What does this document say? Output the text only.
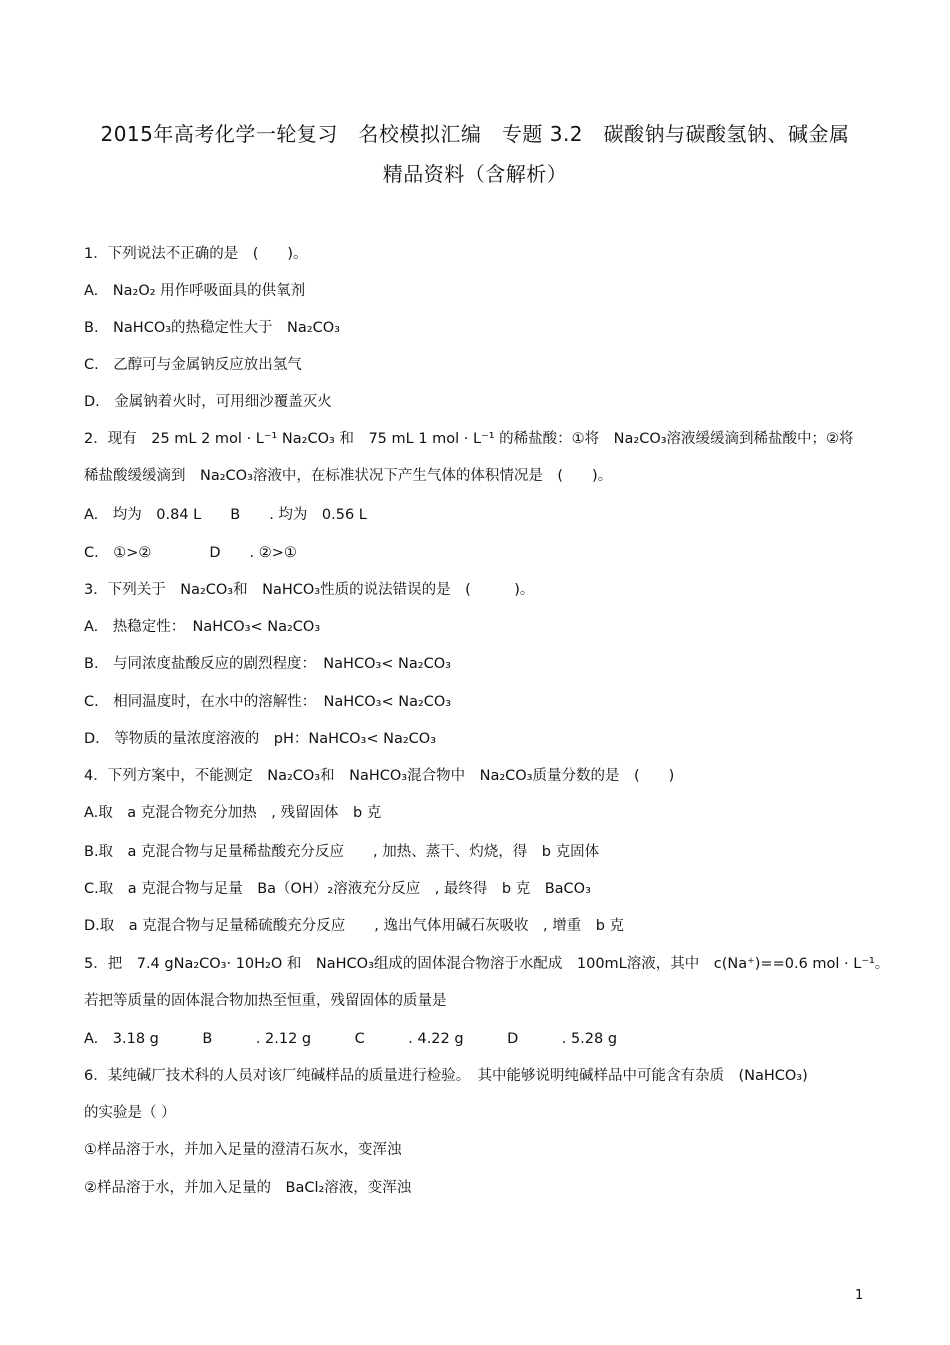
2015年高考化学一轮复习　名校模拟汇编　专题 3.2　碳酸钠与碳酸氢钠、碱金属
精品资料（含解析）
1．下列说法不正确的是　(　　)。
A.　Na₂O₂ 用作呼吸面具的供氧剂
B.　NaHCO₃的热稳定性大于　Na₂CO₃
C.　乙醇可与金属钠反应放出氢气
D.　金属钠着火时，可用细沙覆盖灭火
2．现有　25 mL 2 mol · L⁻¹ Na₂CO₃ 和　75 mL 1 mol · L⁻¹ 的稀盐酸：①将　Na₂CO₃溶液缓缓滴到稀盐酸中；②将
稀盐酸缓缓滴到　Na₂CO₃溶液中，在标准状况下产生气体的体积情况是　(　　)。
A.　均为　0.84 L　　B　　. 均为　0.56 L
C.　①>②　　　　D　　. ②>①
3．下列关于　Na₂CO₃和　NaHCO₃性质的说法错误的是　(　　　)。
A.　热稳定性：　NaHCO₃< Na₂CO₃
B.　与同浓度盐酸反应的剧烈程度：　NaHCO₃< Na₂CO₃
C.　相同温度时，在水中的溶解性：　NaHCO₃< Na₂CO₃
D.　等物质的量浓度溶液的　pH：NaHCO₃< Na₂CO₃
4．下列方案中，不能测定　Na₂CO₃和　NaHCO₃混合物中　Na₂CO₃质量分数的是　(　　)
A.取　a 克混合物充分加热　, 残留固体　b 克
B.取　a 克混合物与足量稀盐酸充分反应　　, 加热、蒸干、灼烧，得　b 克固体
C.取　a 克混合物与足量　Ba（OH）₂溶液充分反应　, 最终得　b 克　BaCO₃
D.取　a 克混合物与足量稀硫酸充分反应　　, 逸出气体用碱石灰吸收　, 增重　b 克
5．把　7.4 gNa₂CO₃· 10H₂O 和　NaHCO₃组成的固体混合物溶于水配成　100mL溶液，其中　c(Na⁺)==0.6 mol · L⁻¹。
若把等质量的固体混合物加热至恒重，残留固体的质量是
A.　3.18 g　　　B　　　. 2.12 g　　　C　　　. 4.22 g　　　D　　　. 5.28 g
6．某纯碱厂技术科的人员对该厂纯碱样品的质量进行检验。　其中能够说明纯碱样品中可能含有杂质　(NaHCO₃)
的实验是（ ）
①样品溶于水，并加入足量的澄清石灰水，变浑浊
②样品溶于水，并加入足量的　BaCl₂溶液，变浑浊
1
